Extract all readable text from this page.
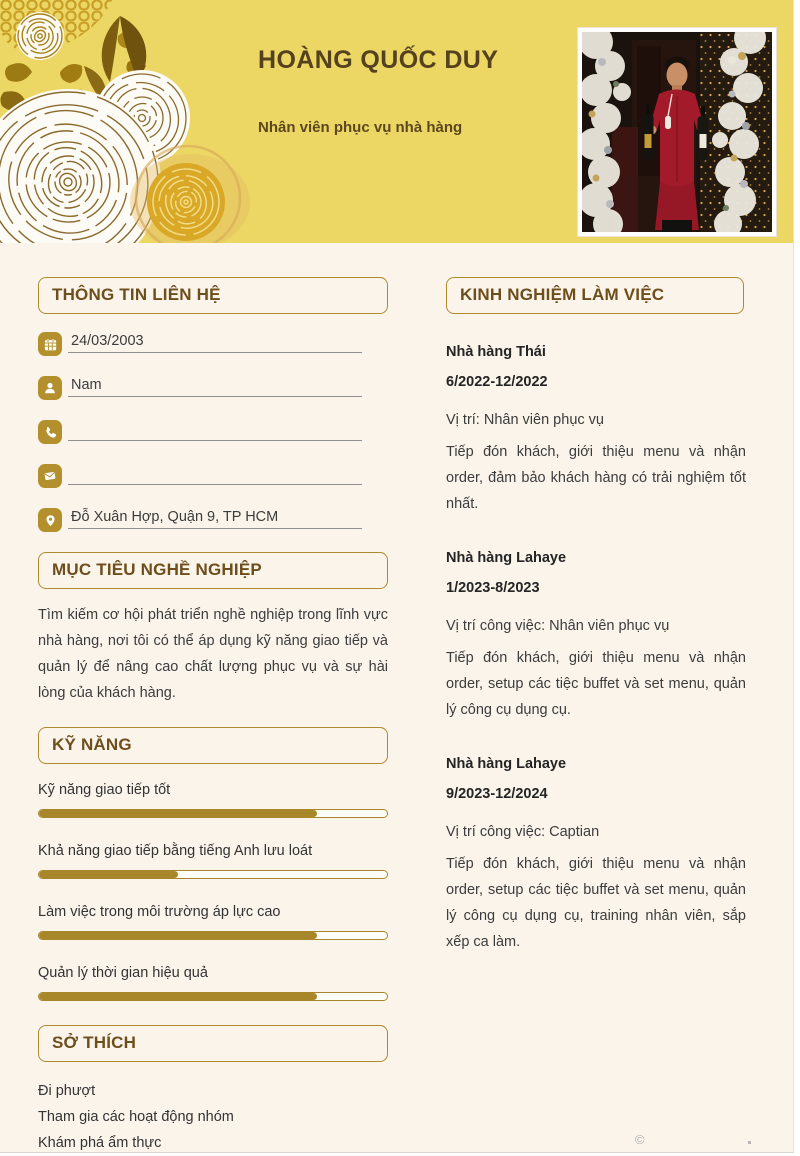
HOÀNG QUỐC DUY
Nhân viên phục vụ nhà hàng
THÔNG TIN LIÊN HỆ
24/03/2003
Nam
Đỗ Xuân Hợp, Quận 9, TP HCM
MỤC TIÊU NGHỀ NGHIỆP

Tìm kiếm cơ hội phát triển nghề nghiệp trong lĩnh vực nhà hàng, nơi tôi có thể áp dụng kỹ năng giao tiếp và quản lý để nâng cao chất lượng phục vụ và sự hài lòng của khách hàng.

KỸ NĂNG
Kỹ năng giao tiếp tốt
Khả năng giao tiếp bằng tiếng Anh lưu loát
Làm việc trong môi trường áp lực cao
Quản lý thời gian hiệu quả
SỞ THÍCH
Đi phượt
Tham gia các hoạt động nhóm
Khám phá ẩm thực
KINH NGHIỆM LÀM VIỆC

Nhà hàng Thái

6/2022-12/2022

Vị trí: Nhân viên phục vụ

Tiếp đón khách, giới thiệu menu và nhận order, đảm bảo khách hàng có trải nghiệm tốt nhất.

Nhà hàng Lahaye

1/2023-8/2023

Vị trí công việc: Nhân viên phục vụ

Tiếp đón khách, giới thiệu menu và nhận order, setup các tiệc buffet và set menu, quản lý công cụ dụng cụ.

Nhà hàng Lahaye

9/2023-12/2024

Vị trí công việc: Captian

Tiếp đón khách, giới thiệu menu và nhận order, setup các tiệc buffet và set menu, quản lý công cụ dụng cụ, training nhân viên, sắp xếp ca làm.

©
